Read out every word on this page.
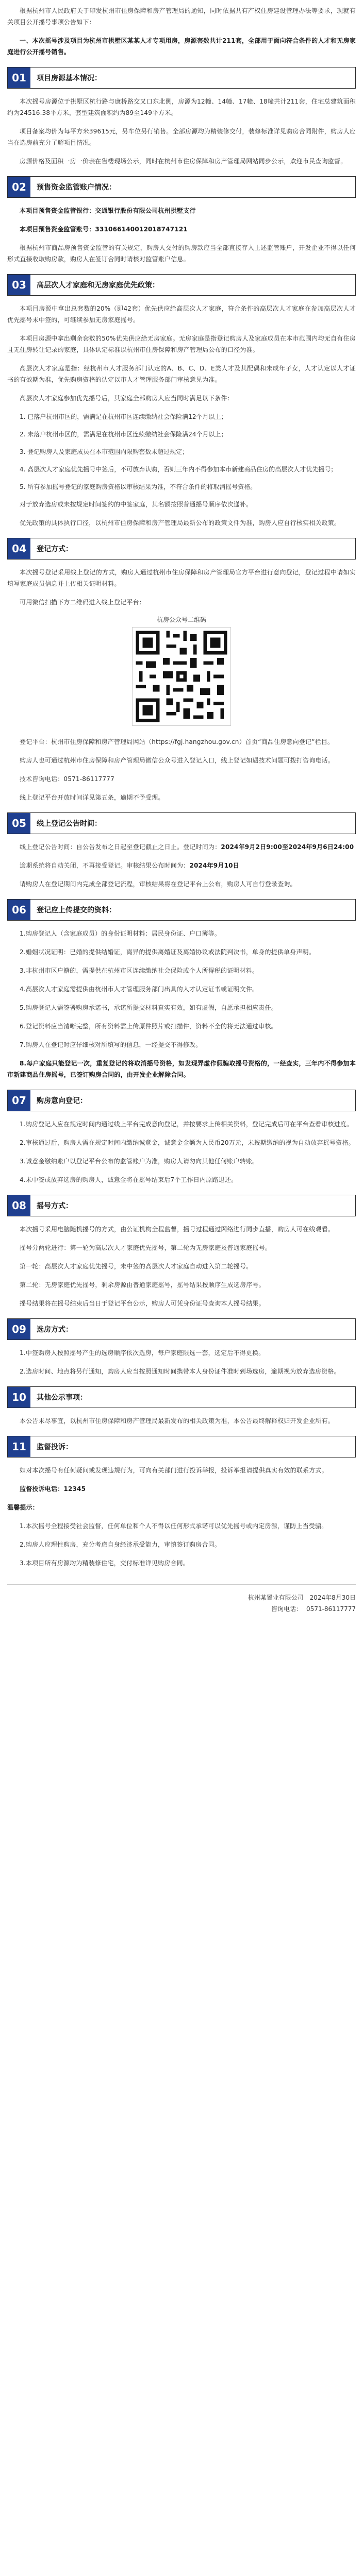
根据杭州市人民政府关于印发杭州市住房保障和房产管理局的通知，同时依据共有产权住房建设管理办法等要求，现就有关项目公开摇号事项公告如下：

一、本次摇号涉及项目为杭州市拱墅区某某人才专项用房，房源套数共计211套，全部用于面向符合条件的人才和无房家庭进行公开摇号销售。

01	项目房源基本情况：

本次摇号房源位于拱墅区杭行路与康桥路交叉口东北侧，房源为12幢、14幢、17幢、18幢共计211套，住宅总建筑面积约为24516.38平方米，套型建筑面积约为89至149平方米。

项目备案均价为每平方米39615元，另车位另行销售。全部房源均为精装修交付，装修标准详见购房合同附件，购房人应当在选房前充分了解项目情况。

房源价格及面积一房一价表在售楼现场公示，同时在杭州市住房保障和房产管理局网站同步公示，欢迎市民查询监督。

02	预售资金监管账户情况：

本项目预售资金监管银行：交通银行股份有限公司杭州拱墅支行

本项目预售资金监管账号：331066140012018747121

根据杭州市商品房预售资金监管的有关规定，购房人交付的购房款应当全部直接存入上述监管账户，开发企业不得以任何形式直接收取购房款，购房人在签订合同时请核对监管账户信息。

03	高层次人才家庭和无房家庭优先政策：

本项目房源中拿出总套数的20%（即42套）优先供应给高层次人才家庭，符合条件的高层次人才家庭在参加高层次人才优先摇号未中签的，可继续参加无房家庭摇号。

本项目房源中拿出剩余套数的50%优先供应给无房家庭。无房家庭是指登记购房人及家庭成员在本市范围内均无自有住房且无住房转让记录的家庭，具体认定标准以杭州市住房保障和房产管理局公布的口径为准。

高层次人才家庭是指：经杭州市人才服务部门认定的A、B、C、D、E类人才及其配偶和未成年子女，人才认定以人才证书的有效期为准，优先购房资格的认定以市人才管理服务部门审核意见为准。

高层次人才家庭参加优先摇号后，其家庭全部购房人应当同时满足以下条件：

1. 已落户杭州市区的，需满足在杭州市区连续缴纳社会保险满12个月以上；

2. 未落户杭州市区的，需满足在杭州市区连续缴纳社会保险满24个月以上；

3. 登记购房人及家庭成员在本市范围内限购套数未超过规定；

4. 高层次人才家庭优先摇号中签后，不可放弃认购，否则三年内不得参加本市新建商品住房的高层次人才优先摇号；

5. 所有参加摇号登记的家庭购房资格以审核结果为准，不符合条件的将取消摇号资格。

对于放弃选房或未按规定时间签约的中签家庭，其名额按照普通摇号顺序依次递补。

优先政策的具体执行口径，以杭州市住房保障和房产管理局最新公布的政策文件为准，购房人应自行核实相关政策。

04	登记方式：

本次摇号登记采用线上登记的方式，购房人通过杭州市住房保障和房产管理局官方平台进行意向登记，登记过程中请如实填写家庭成员信息并上传相关证明材料。

可用微信扫描下方二维码进入线上登记平台：

杭房公众号二维码

登记平台：杭州市住房保障和房产管理局网站（https://fgj.hangzhou.gov.cn）首页“商品住房意向登记”栏目。

购房人也可通过杭州市住房保障和房产管理局微信公众号进入登记入口，线上登记如遇技术问题可拨打咨询电话。

技术咨询电话：0571-86117777

线上登记平台开放时间详见第五条，逾期不予受理。

05	线上登记公告时间：

线上登记公告时间：自公告发布之日起至登记截止之日止。登记时间为：2024年9月2日9:00至2024年9月6日24:00

逾期系统将自动关闭，不再接受登记。审核结果公布时间为：2024年9月10日

请购房人在登记期间内完成全部登记流程，审核结果将在登记平台上公布，购房人可自行登录查询。

06	登记应上传提交的资料：

1.购房登记人（含家庭成员）的身份证明材料：居民身份证、户口簿等。

2.婚姻状况证明：已婚的提供结婚证，离异的提供离婚证及离婚协议或法院判决书，单身的提供单身声明。

3.非杭州市区户籍的，需提供在杭州市区连续缴纳社会保险或个人所得税的证明材料。

4.高层次人才家庭需提供由杭州市人才管理服务部门出具的人才认定证书或证明文件。

5.购房登记人需签署购房承诺书，承诺所提交材料真实有效，如有虚假，自愿承担相应责任。

6.登记资料应当清晰完整，所有资料需上传原件照片或扫描件，资料不全的将无法通过审核。

7.购房人在登记时应仔细核对所填写的信息，一经提交不得修改。

8.每户家庭只能登记一次，重复登记的将取消摇号资格，如发现弄虚作假骗取摇号资格的，一经查实，三年内不得参加本市新建商品住房摇号，已签订购房合同的，由开发企业解除合同。

07	购房意向登记：

1.购房登记人应在规定时间内通过线上平台完成意向登记，并按要求上传相关资料，登记完成后可在平台查看审核进度。

2.审核通过后，购房人需在规定时间内缴纳诚意金，诚意金金额为人民币20万元，未按期缴纳的视为自动放弃摇号资格。

3.诚意金缴纳账户以登记平台公布的监管账户为准，购房人请勿向其他任何账户转账。

4.未中签或放弃选房的购房人，诚意金将在摇号结束后7个工作日内原路退还。

08	摇号方式：

本次摇号采用电脑随机摇号的方式，由公证机构全程监督，摇号过程通过网络进行同步直播，购房人可在线观看。

摇号分两轮进行：第一轮为高层次人才家庭优先摇号，第二轮为无房家庭及普通家庭摇号。

第一轮：高层次人才家庭优先摇号，未中签的高层次人才家庭自动进入第二轮摇号。

第二轮：无房家庭优先摇号，剩余房源由普通家庭摇号，摇号结果按顺序生成选房序号。

摇号结果将在摇号结束后当日于登记平台公示，购房人可凭身份证号查询本人摇号结果。

09	选房方式：

1.中签购房人按照摇号产生的选房顺序依次选房，每户家庭限选一套，选定后不得更换。

2.选房时间、地点将另行通知，购房人应当按照通知时间携带本人身份证件准时到场选房，逾期视为放弃选房资格。

10	其他公示事项：

本公告未尽事宜，以杭州市住房保障和房产管理局最新发布的相关政策为准，本公告最终解释权归开发企业所有。

11	监督投诉：

如对本次摇号有任何疑问或发现违规行为，可向有关部门进行投诉举报，投诉举报请提供真实有效的联系方式。

监督投诉电话：12345

温馨提示：

1.本次摇号全程接受社会监督，任何单位和个人不得以任何形式承诺可以优先摇号或内定房源，谨防上当受骗。

2.购房人应理性购房，充分考虑自身经济承受能力，审慎签订购房合同。

3.本项目所有房源均为精装修住宅，交付标准详见购房合同。

杭州某置业有限公司 2024年8月30日
咨询电话： 0571-86117777
